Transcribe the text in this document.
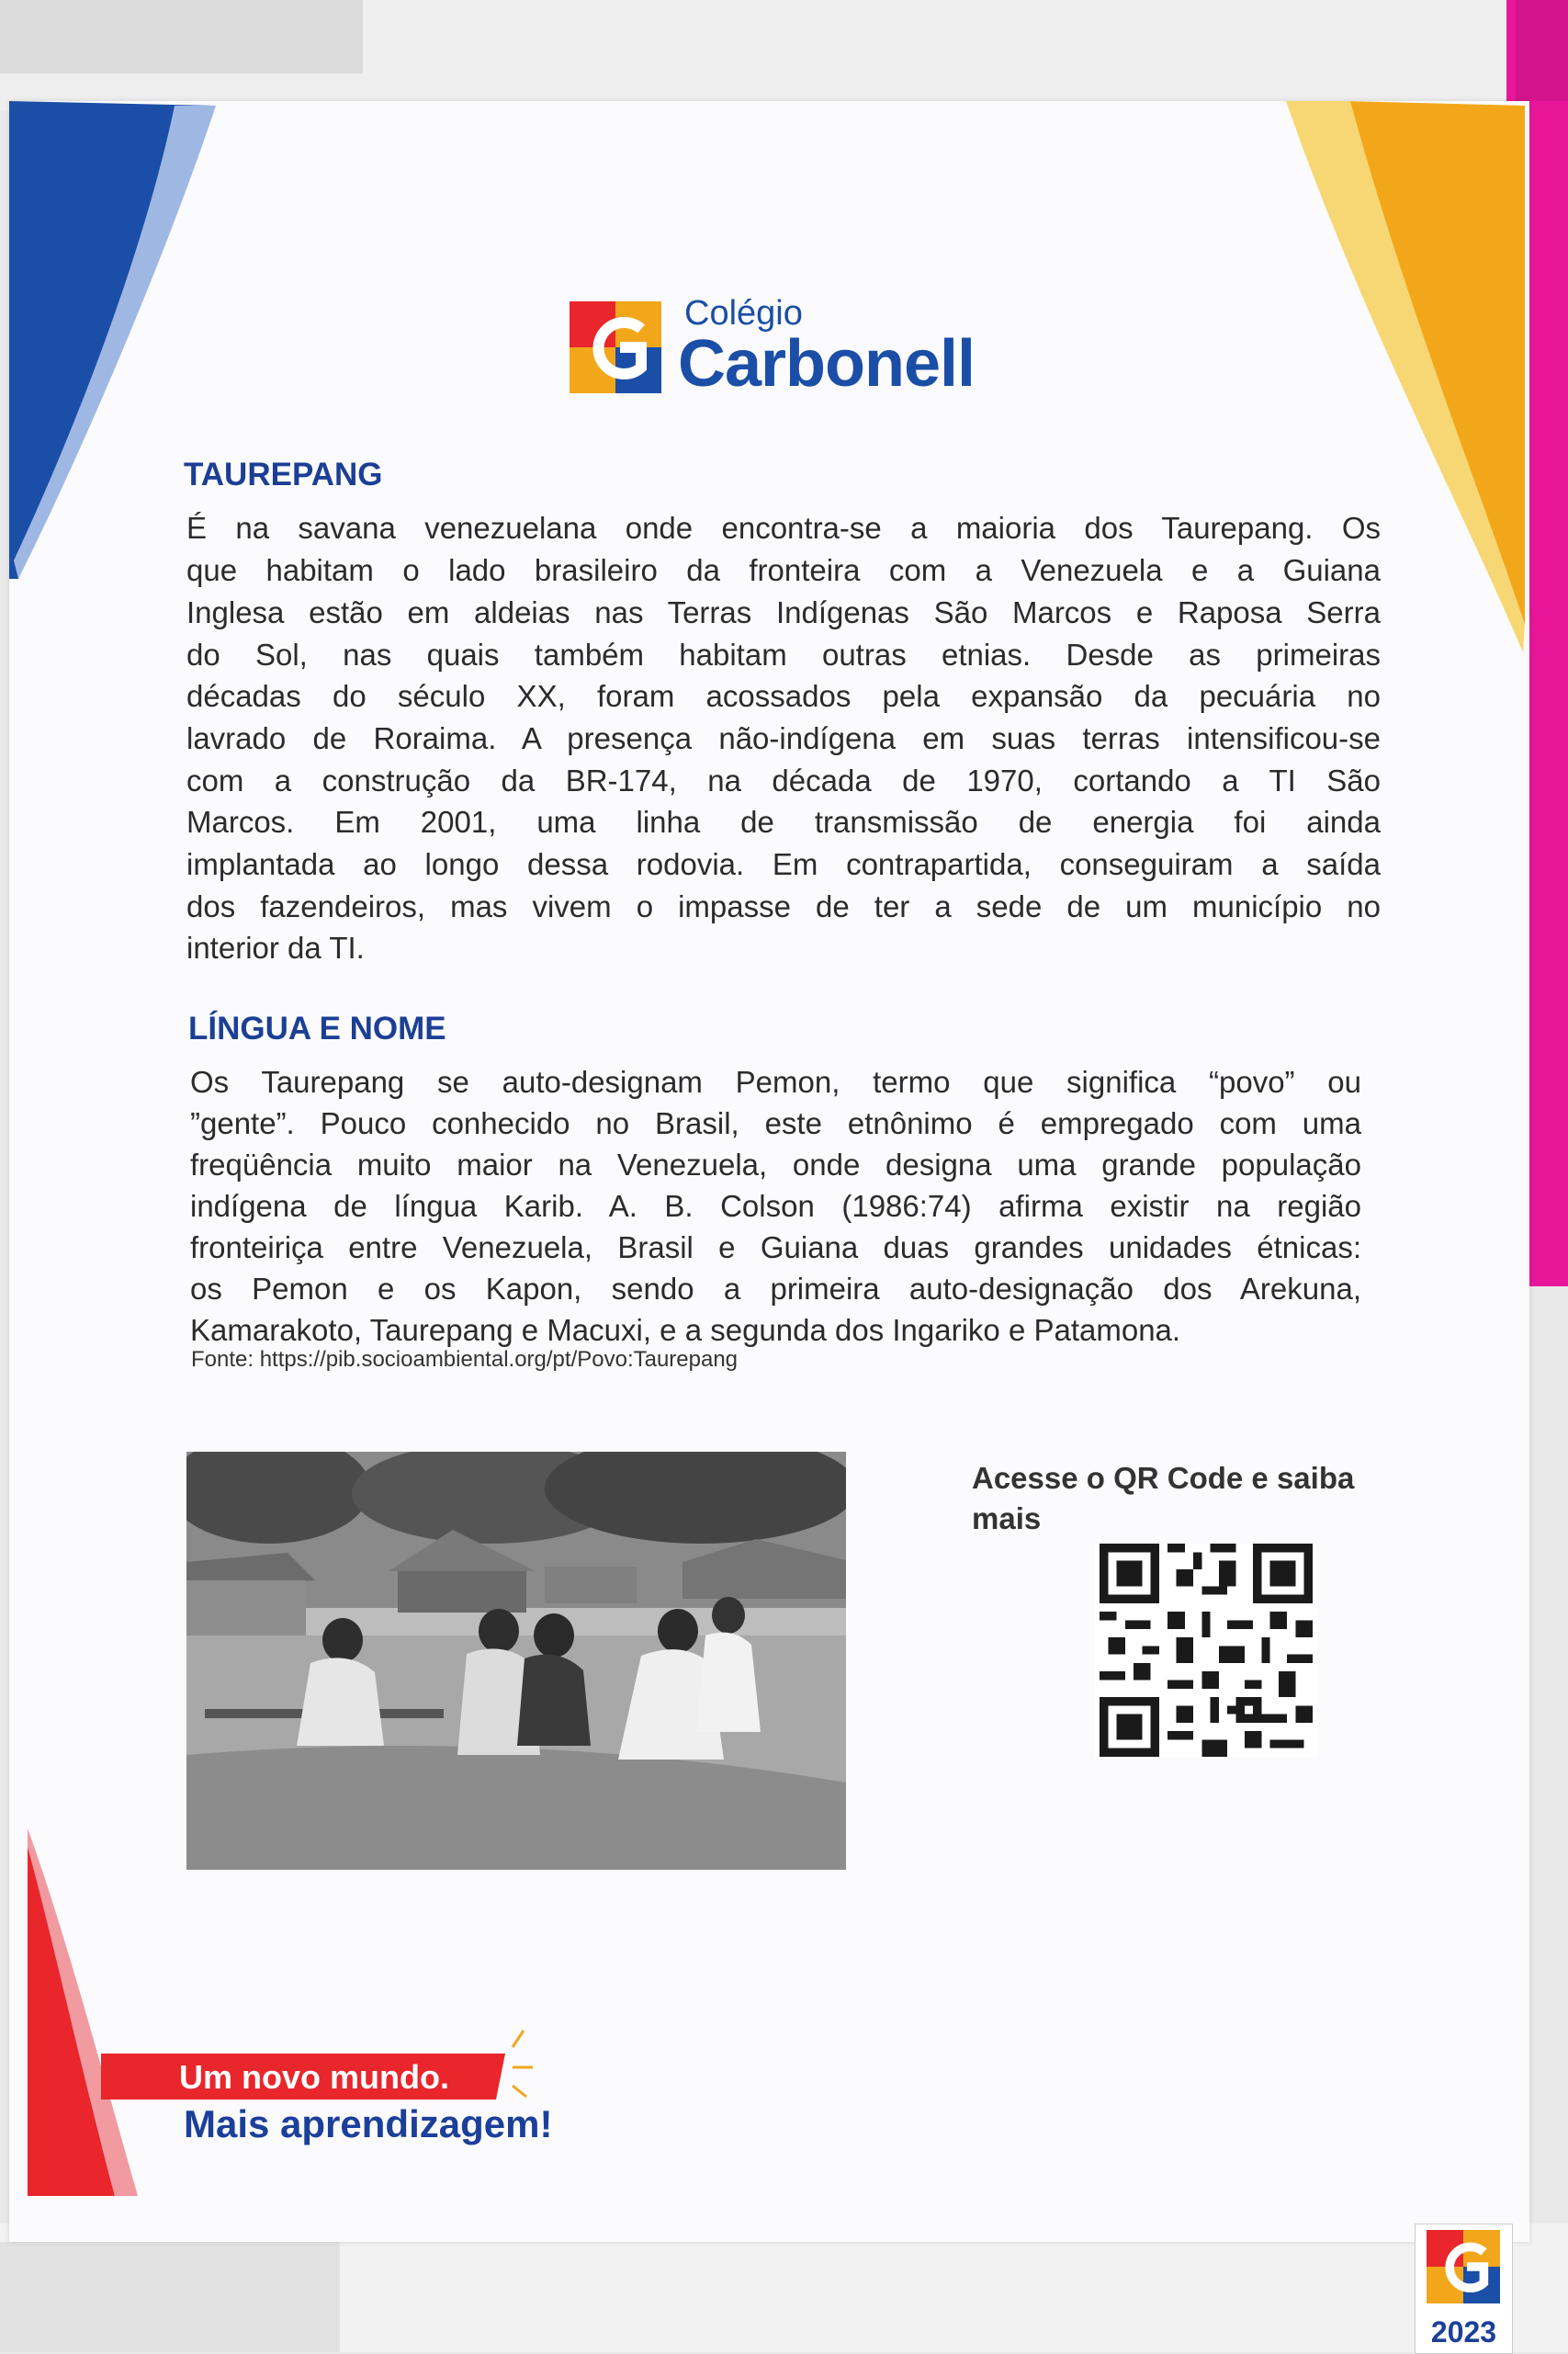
Colégio
Carbonell
TAUREPANG

É na savana venezuelana onde encontra-se a maioria dos Taurepang. Os

que habitam o lado brasileiro da fronteira com a Venezuela e a Guiana

Inglesa estão em aldeias nas Terras Indígenas São Marcos e Raposa Serra

do Sol, nas quais também habitam outras etnias. Desde as primeiras

décadas do século XX, foram acossados pela expansão da pecuária no

lavrado de Roraima. A presença não-indígena em suas terras intensificou-se

com a construção da BR-174, na década de 1970, cortando a TI São

Marcos. Em 2001, uma linha de transmissão de energia foi ainda

implantada ao longo dessa rodovia. Em contrapartida, conseguiram a saída

dos fazendeiros, mas vivem o impasse de ter a sede de um município no

interior da TI.

LÍNGUA E NOME

Os Taurepang se auto-designam Pemon, termo que significa “povo” ou

”gente”. Pouco conhecido no Brasil, este etnônimo é empregado com uma

freqüência muito maior na Venezuela, onde designa uma grande população

indígena de língua Karib. A. B. Colson (1986:74) afirma existir na região

fronteiriça entre Venezuela, Brasil e Guiana duas grandes unidades étnicas:

os Pemon e os Kapon, sendo a primeira auto-designação dos Arekuna,

Kamarakoto, Taurepang e Macuxi, e a segunda dos Ingariko e Patamona.

Fonte: https://pib.socioambiental.org/pt/Povo:Taurepang
Acesse o QR Code e saiba mais
Um novo mundo.
Mais aprendizagem!
2023
